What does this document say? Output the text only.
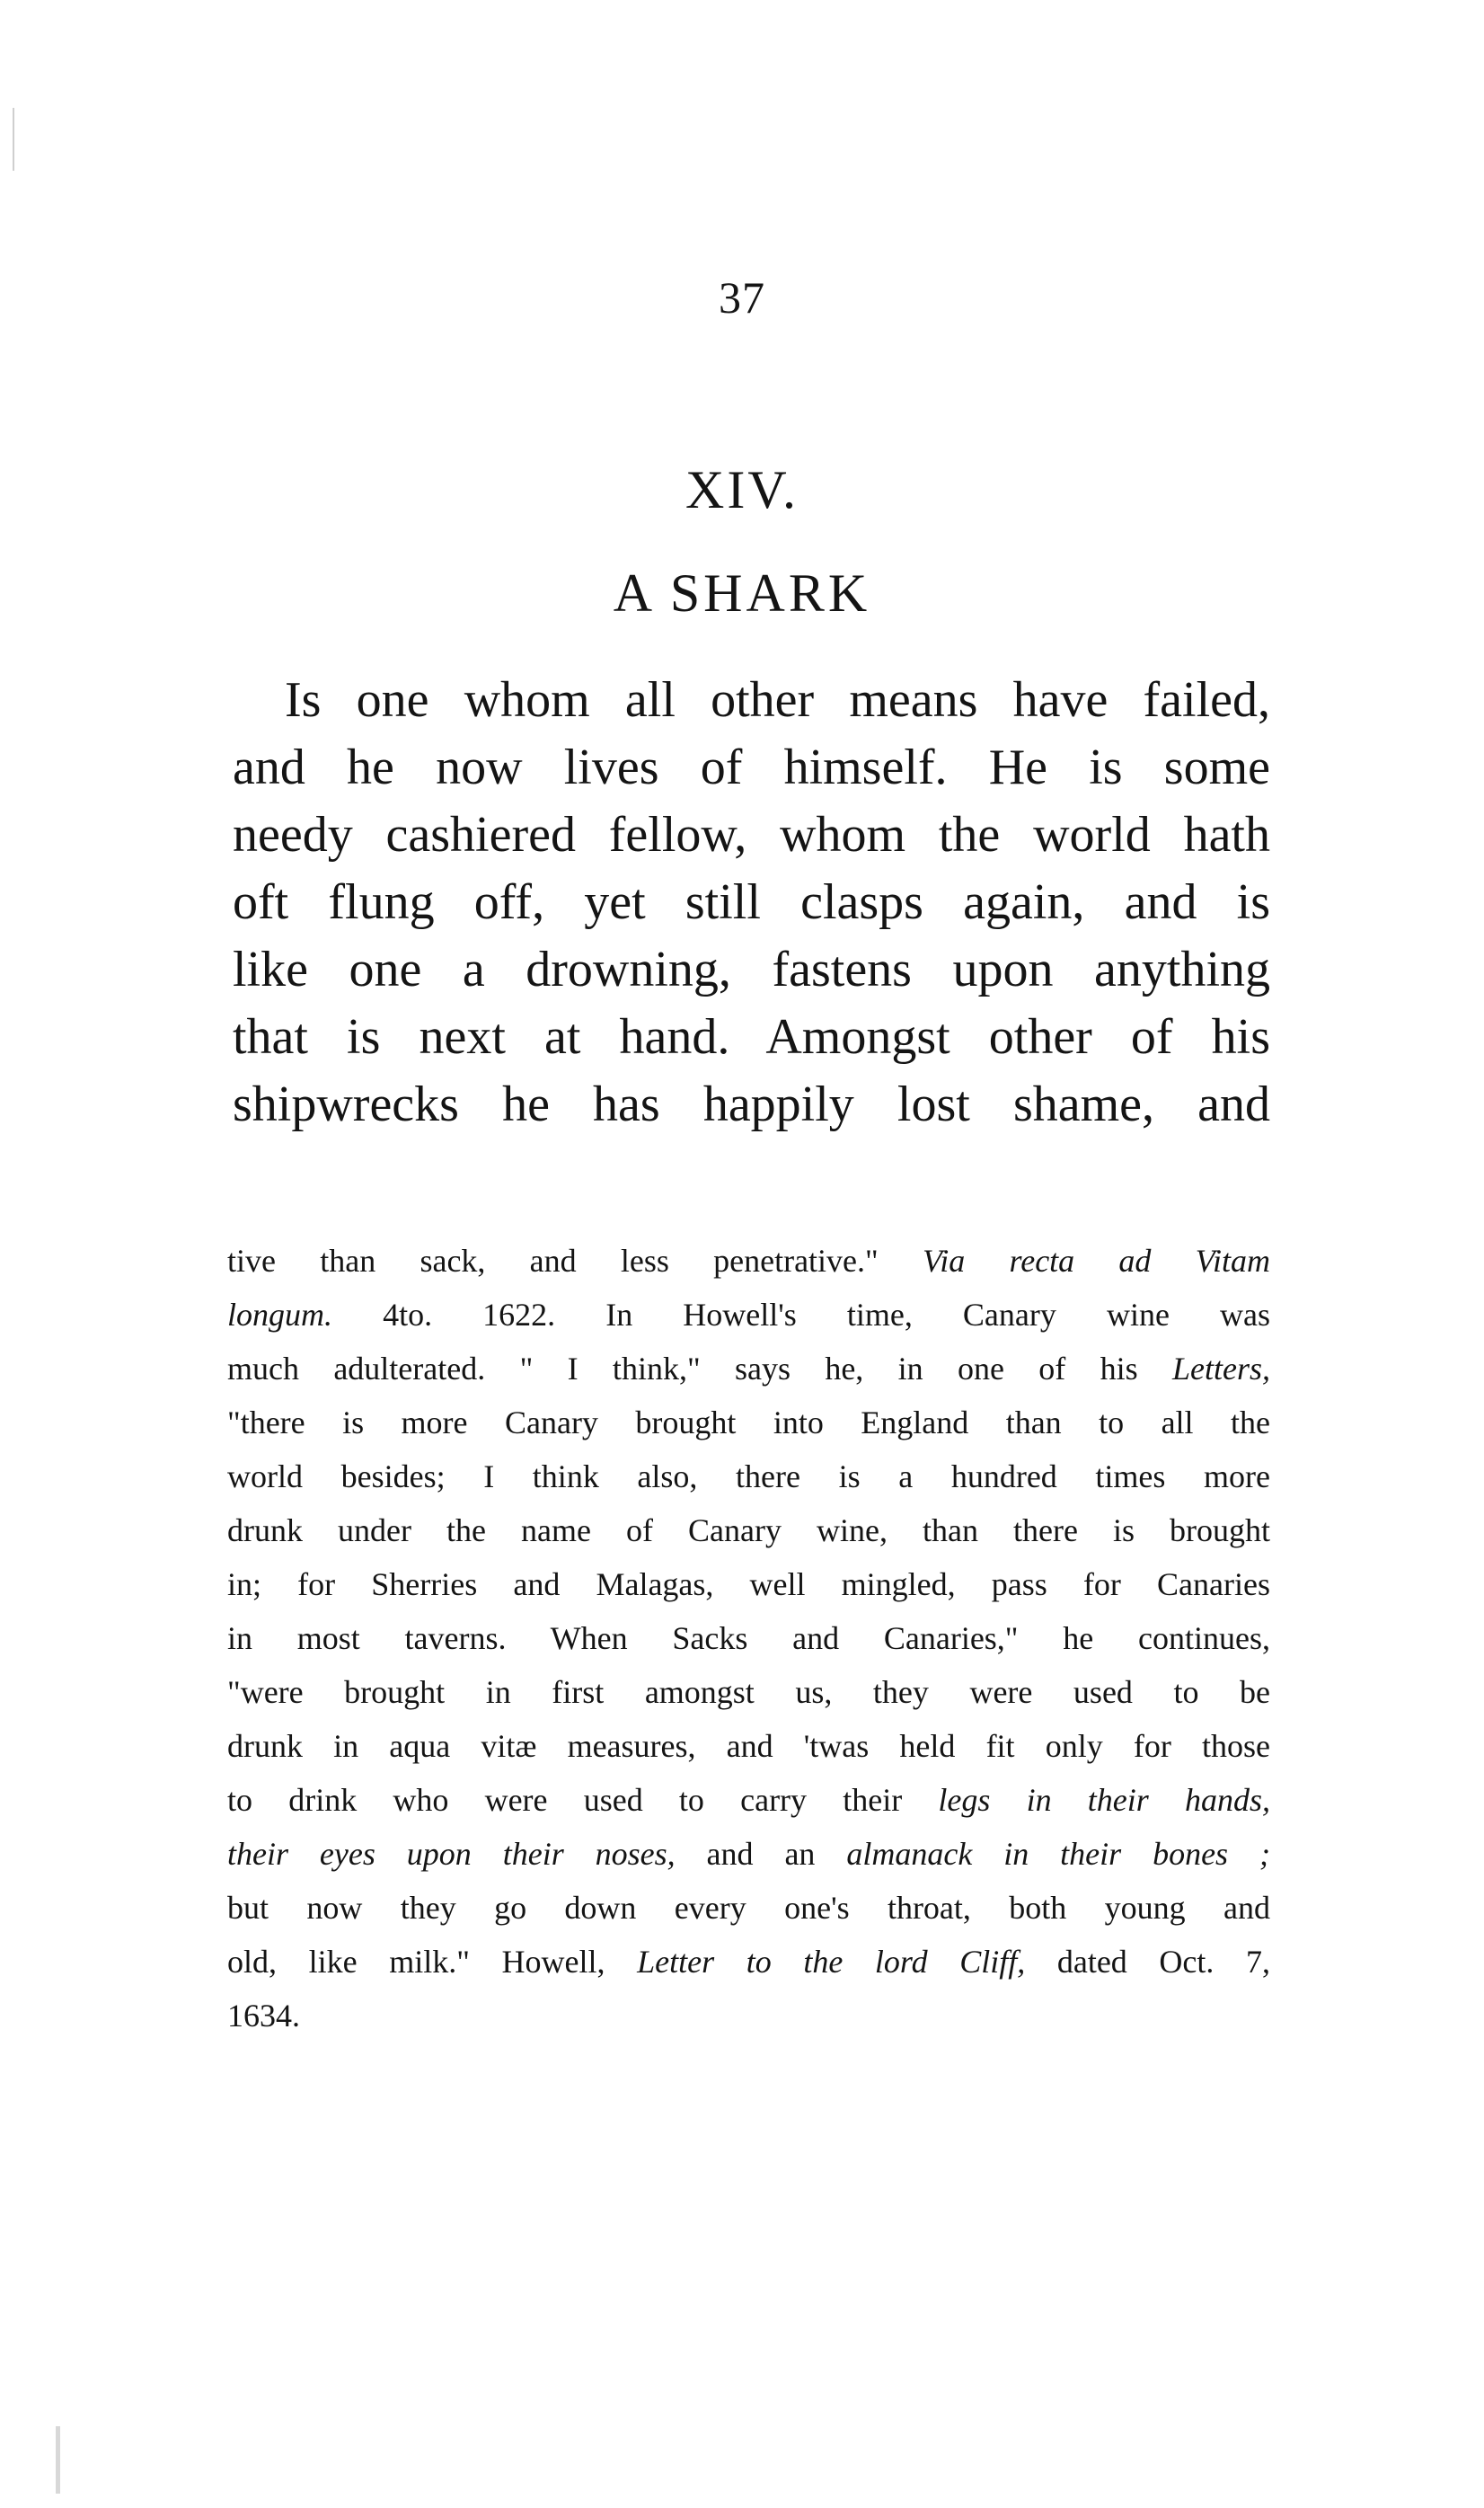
37
XIV.
A SHARK
Is one whom all other means have failed,
and he now lives of himself. He is some
needy cashiered fellow, whom the world hath
oft flung off, yet still clasps again, and is
like one a drowning, fastens upon anything
that is next at hand. Amongst other of his
shipwrecks he has happily lost shame, and
tive than sack, and less penetrative." Via recta ad Vitam
longum. 4to. 1622. In Howell's time, Canary wine was
much adulterated. " I think," says he, in one of his Letters,
"there is more Canary brought into England than to all the
world besides; I think also, there is a hundred times more
drunk under the name of Canary wine, than there is brought
in; for Sherries and Malagas, well mingled, pass for Canaries
in most taverns. When Sacks and Canaries," he continues,
"were brought in first amongst us, they were used to be
drunk in aqua vitæ measures, and 'twas held fit only for those
to drink who were used to carry their legs in their hands,
their eyes upon their noses, and an almanack in their bones ;
but now they go down every one's throat, both young and
old, like milk." Howell, Letter to the lord Cliff, dated Oct. 7,
1634.
